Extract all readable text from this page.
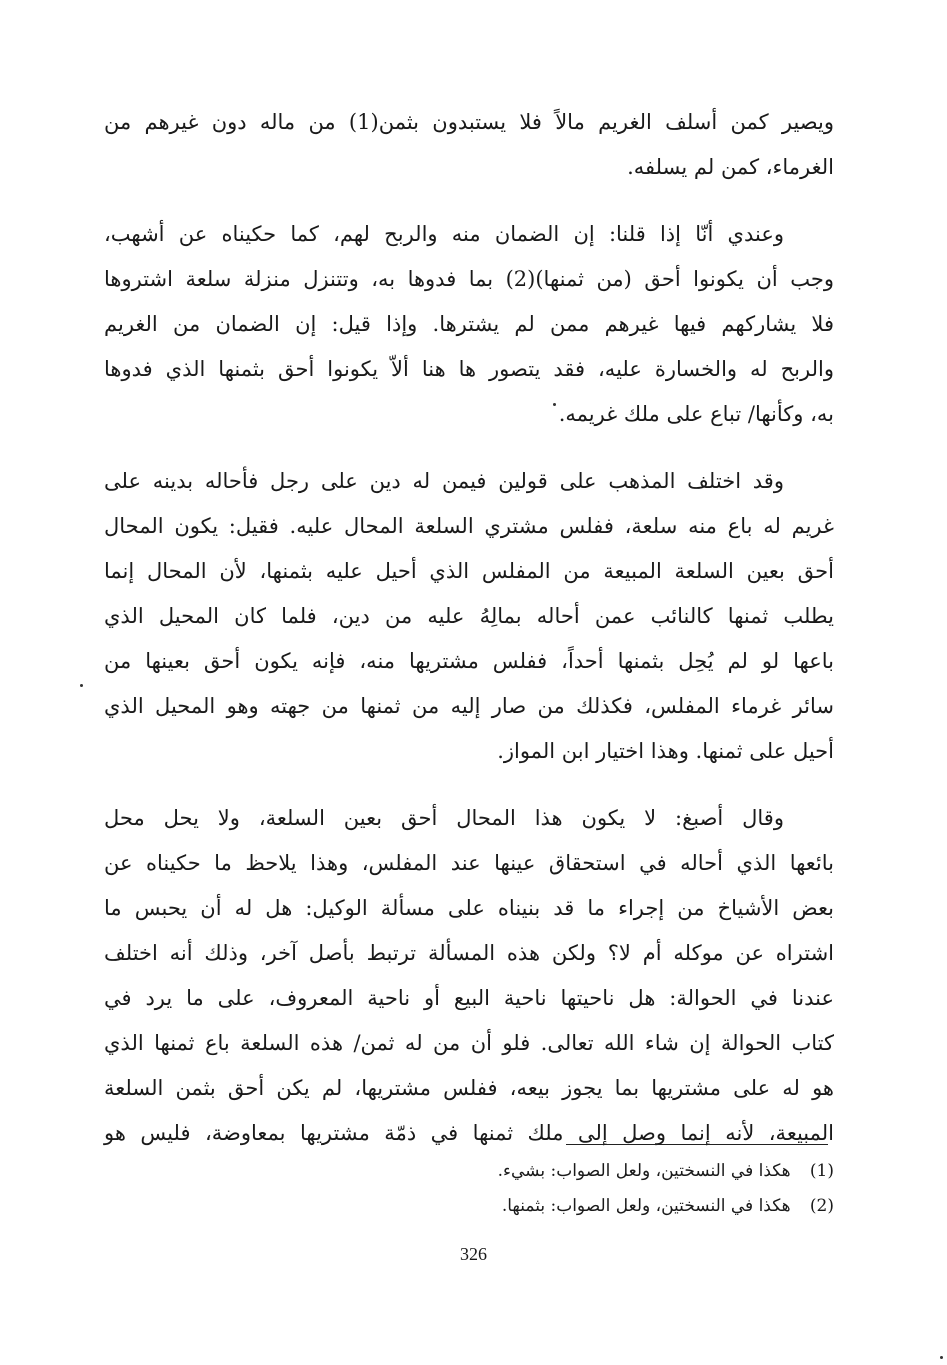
ويصير كمن أسلف الغريم مالاً فلا يستبدون بثمن(1) من ماله دون غيرهم من
الغرماء، كمن لم يسلفه.

وعندي أنّا إذا قلنا: إن الضمان منه والربح لهم، كما حكيناه عن أشهب،
وجب أن يكونوا أحق (من ثمنها)(2) بما فدوها به، وتتنزل منزلة سلعة اشتروها
فلا يشاركهم فيها غيرهم ممن لم يشترها. وإذا قيل: إن الضمان من الغريم
والربح له والخسارة عليه، فقد يتصور ها هنا ألاّ يكونوا أحق بثمنها الذي فدوها
به، وكأنها/ تباع على ملك غريمه.

وقد اختلف المذهب على قولين فيمن له دين على رجل فأحاله بدينه على
غريم له باع منه سلعة، ففلس مشتري السلعة المحال عليه. فقيل: يكون المحال
أحق بعين السلعة المبيعة من المفلس الذي أحيل عليه بثمنها، لأن المحال إنما
يطلب ثمنها كالنائب عمن أحاله بمالِهُ عليه من دين، فلما كان المحيل الذي
باعها لو لم يُحِل بثمنها أحداً، ففلس مشتريها منه، فإنه يكون أحق بعينها من
سائر غرماء المفلس، فكذلك من صار إليه من ثمنها من جهته وهو المحيل الذي
أحيل على ثمنها. وهذا اختيار ابن المواز.

وقال أصبغ: لا يكون هذا المحال أحق بعين السلعة، ولا يحل محل
بائعها الذي أحاله في استحقاق عينها عند المفلس، وهذا يلاحظ ما حكيناه عن
بعض الأشياخ من إجراء ما قد بنيناه على مسألة الوكيل: هل له أن يحبس ما
اشتراه عن موكله أم لا؟ ولكن هذه المسألة ترتبط بأصل آخر، وذلك أنه اختلف
عندنا في الحوالة: هل ناحيتها ناحية البيع أو ناحية المعروف، على ما يرد في
كتاب الحوالة إن شاء الله تعالى. فلو أن من له ثمن/ هذه السلعة باع ثمنها الذي
هو له على مشتريها بما يجوز بيعه، ففلس مشتريها، لم يكن أحق بثمن السلعة
المبيعة، لأنه إنما وصل إلى ملك ثمنها في ذمّة مشتريها بمعاوضة، فليس هو

(1) هكذا في النسختين، ولعل الصواب: بشيء.
(2) هكذا في النسختين، ولعل الصواب: بثمنها.
326
